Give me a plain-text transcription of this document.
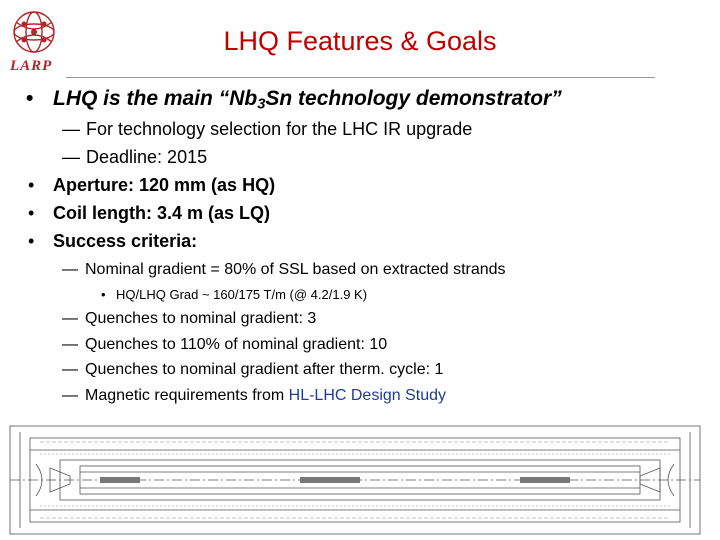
LARP
LHQ Features & Goals
• LHQ is the main “$Nb_3Sn$ technology demonstrator”
— For technology selection for the LHC IR upgrade
— Deadline: 2015
• Aperture: 120 mm (as HQ)
• Coil length: 3.4 m (as LQ)
• Success criteria:
— Nominal gradient = 80% of SSL based on extracted strands
• HQ/LHQ Grad ~ 160/175 T/m (@ 4.2/1.9 K)
— Quenches to nominal gradient: 3
— Quenches to 110% of nominal gradient: 10
— Quenches to nominal gradient after therm. cycle: 1
— Magnetic requirements from HL-LHC Design Study
